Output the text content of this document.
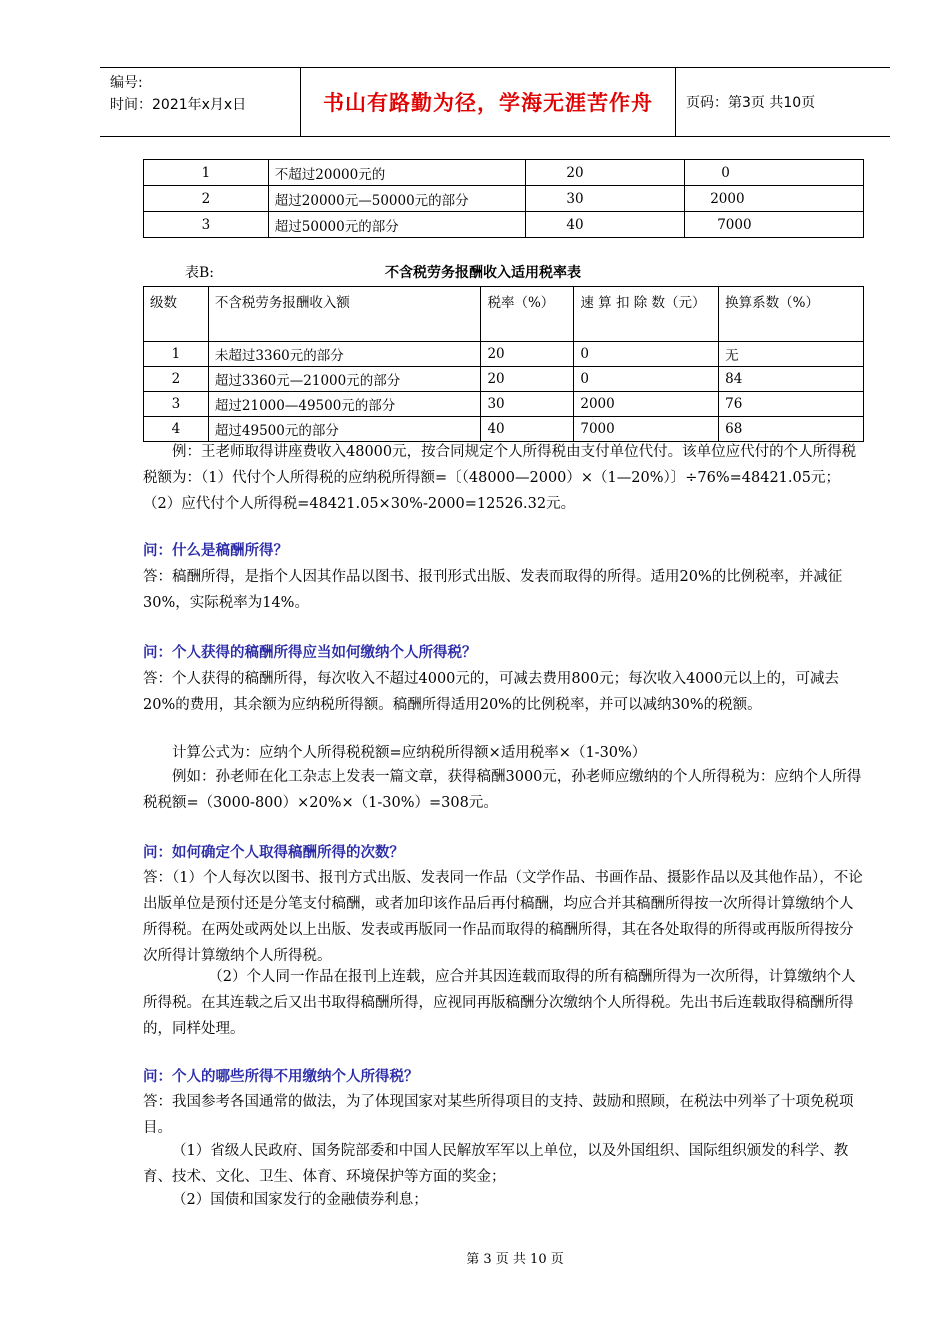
编号:
时间：2021年x月x日	书山有路勤为径，学海无涯苦作舟	页码：第3页 共10页
1	不超过20000元的	20	0
2	超过20000元—50000元的部分	30	2000
3	超过50000元的部分	40	7000
表B:	不含税劳务报酬收入适用税率表
级数	不含税劳务报酬收入额	税率（%）	速 算 扣 除 数（元）	换算系数（%）
1	未超过3360元的部分	20	0	无
2	超过3360元—21000元的部分	20	0	84
3	超过21000—49500元的部分	30	2000	76
4	超过49500元的部分	40	7000	68
例：王老师取得讲座费收入48000元，按合同规定个人所得税由支付单位代付。该单位应代付的个人所得税税额为：（1）代付个人所得税的应纳税所得额=〔（48000—2000）×（1—20%）〕÷76%=48421.05元；（2）应代付个人所得税=48421.05×30%-2000=12526.32元。
问：什么是稿酬所得？
答：稿酬所得，是指个人因其作品以图书、报刊形式出版、发表而取得的所得。适用20%的比例税率，并减征30%，实际税率为14%。
问：个人获得的稿酬所得应当如何缴纳个人所得税？
答：个人获得的稿酬所得，每次收入不超过4000元的，可减去费用800元；每次收入4000元以上的，可减去20%的费用，其余额为应纳税所得额。稿酬所得适用20%的比例税率，并可以减纳30%的税额。
计算公式为：应纳个人所得税税额=应纳税所得额×适用税率×（1-30%）
例如：孙老师在化工杂志上发表一篇文章，获得稿酬3000元，孙老师应缴纳的个人所得税为：应纳个人所得税税额=（3000-800）×20%×（1-30%）=308元。
问：如何确定个人取得稿酬所得的次数？
答：（1）个人每次以图书、报刊方式出版、发表同一作品（文学作品、书画作品、摄影作品以及其他作品），不论出版单位是预付还是分笔支付稿酬，或者加印该作品后再付稿酬，均应合并其稿酬所得按一次所得计算缴纳个人所得税。在两处或两处以上出版、发表或再版同一作品而取得的稿酬所得，其在各处取得的所得或再版所得按分次所得计算缴纳个人所得税。
（2）个人同一作品在报刊上连载，应合并其因连载而取得的所有稿酬所得为一次所得，计算缴纳个人所得税。在其连载之后又出书取得稿酬所得，应视同再版稿酬分次缴纳个人所得税。先出书后连载取得稿酬所得的，同样处理。
问：个人的哪些所得不用缴纳个人所得税？
答：我国参考各国通常的做法，为了体现国家对某些所得项目的支持、鼓励和照顾，在税法中列举了十项免税项目。
（1）省级人民政府、国务院部委和中国人民解放军军以上单位，以及外国组织、国际组织颁发的科学、教育、技术、文化、卫生、体育、环境保护等方面的奖金；
（2）国债和国家发行的金融债券利息；
第 3 页 共 10 页
